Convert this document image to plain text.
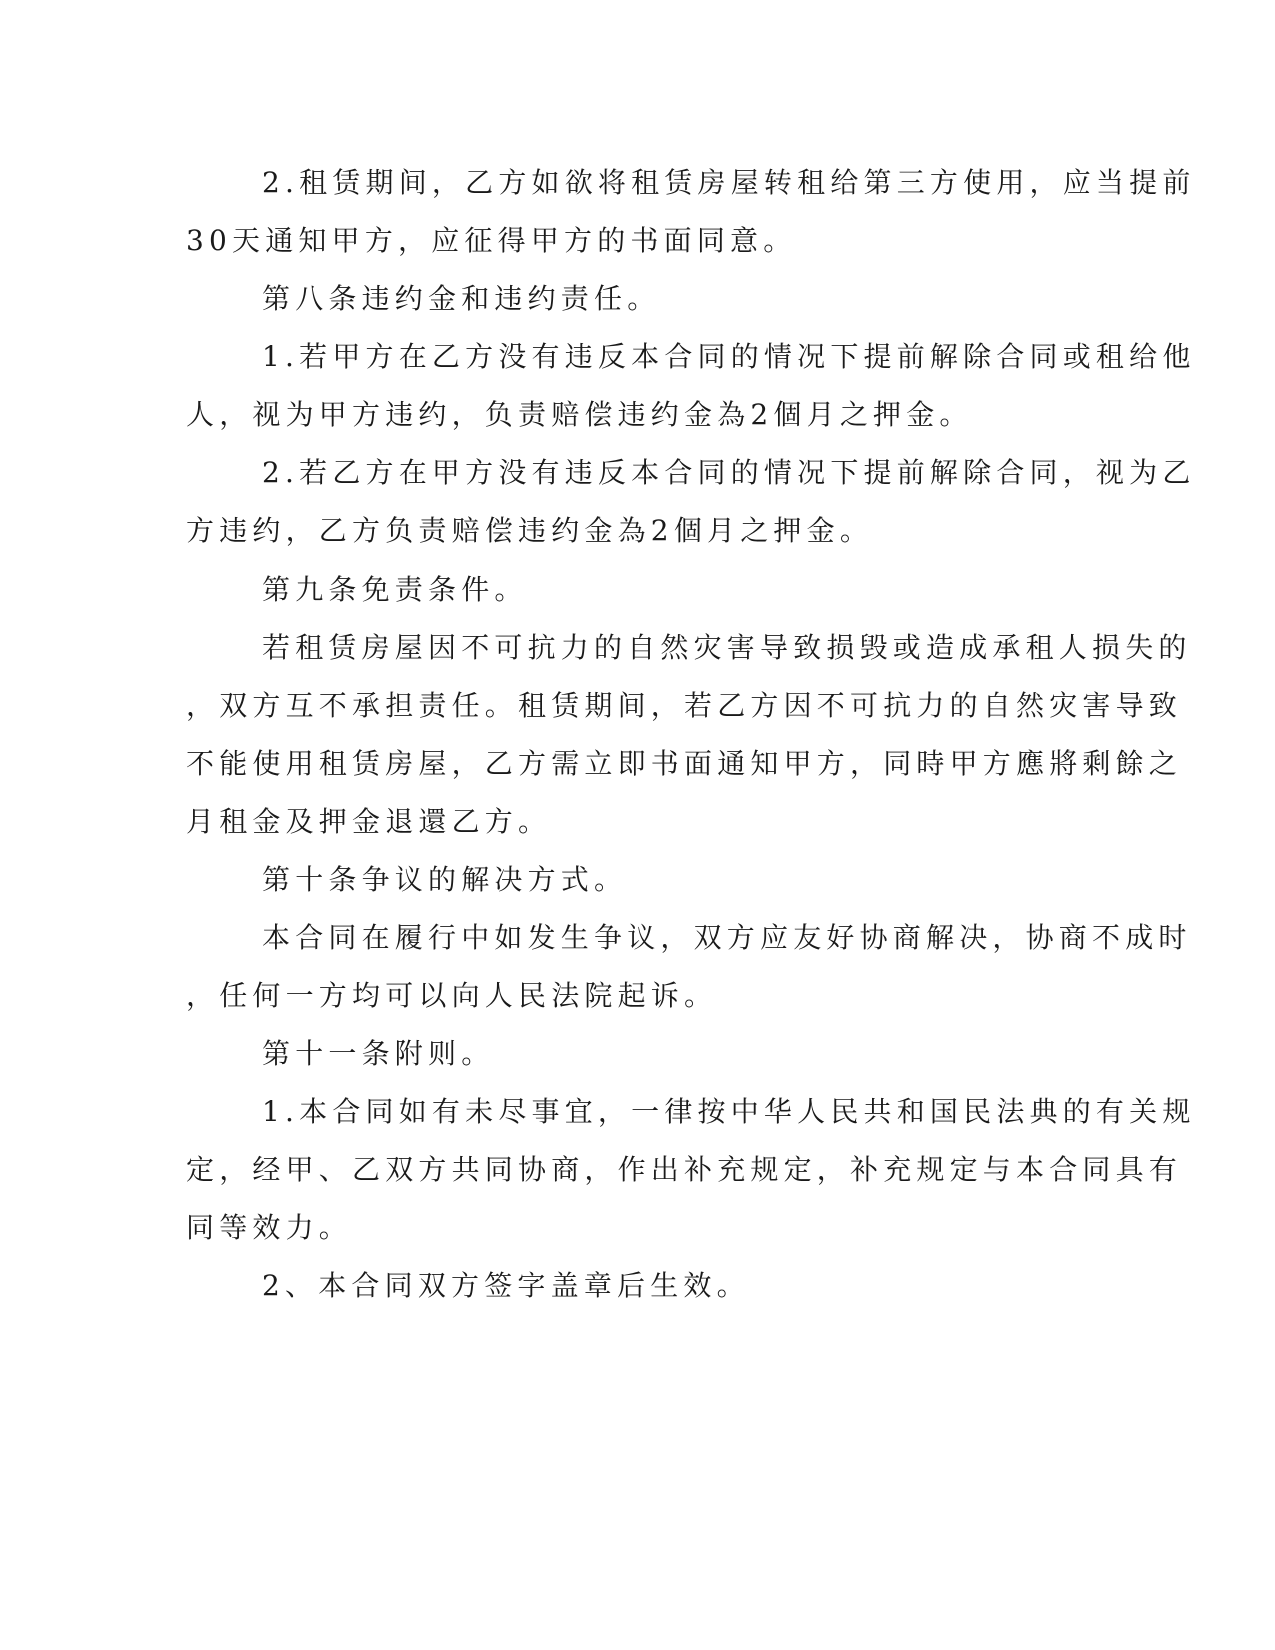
2.租赁期间，乙方如欲将租赁房屋转租给第三方使用，应当提前

30天通知甲方，应征得甲方的书面同意。

第八条违约金和违约责任。

1.若甲方在乙方没有违反本合同的情况下提前解除合同或租给他

人，视为甲方违约，负责赔偿违约金為2個月之押金。

2.若乙方在甲方没有违反本合同的情况下提前解除合同，视为乙

方违约，乙方负责赔偿违约金為2個月之押金。

第九条免责条件。

若租赁房屋因不可抗力的自然灾害导致损毁或造成承租人损失的

，双方互不承担责任。租赁期间，若乙方因不可抗力的自然灾害导致

不能使用租赁房屋，乙方需立即书面通知甲方，同時甲方應將剩餘之

月租金及押金退還乙方。

第十条争议的解决方式。

本合同在履行中如发生争议，双方应友好协商解决，协商不成时

，任何一方均可以向人民法院起诉。

第十一条附则。

1.本合同如有未尽事宜，一律按中华人民共和国民法典的有关规

定，经甲、乙双方共同协商，作出补充规定，补充规定与本合同具有

同等效力。

2、本合同双方签字盖章后生效。
